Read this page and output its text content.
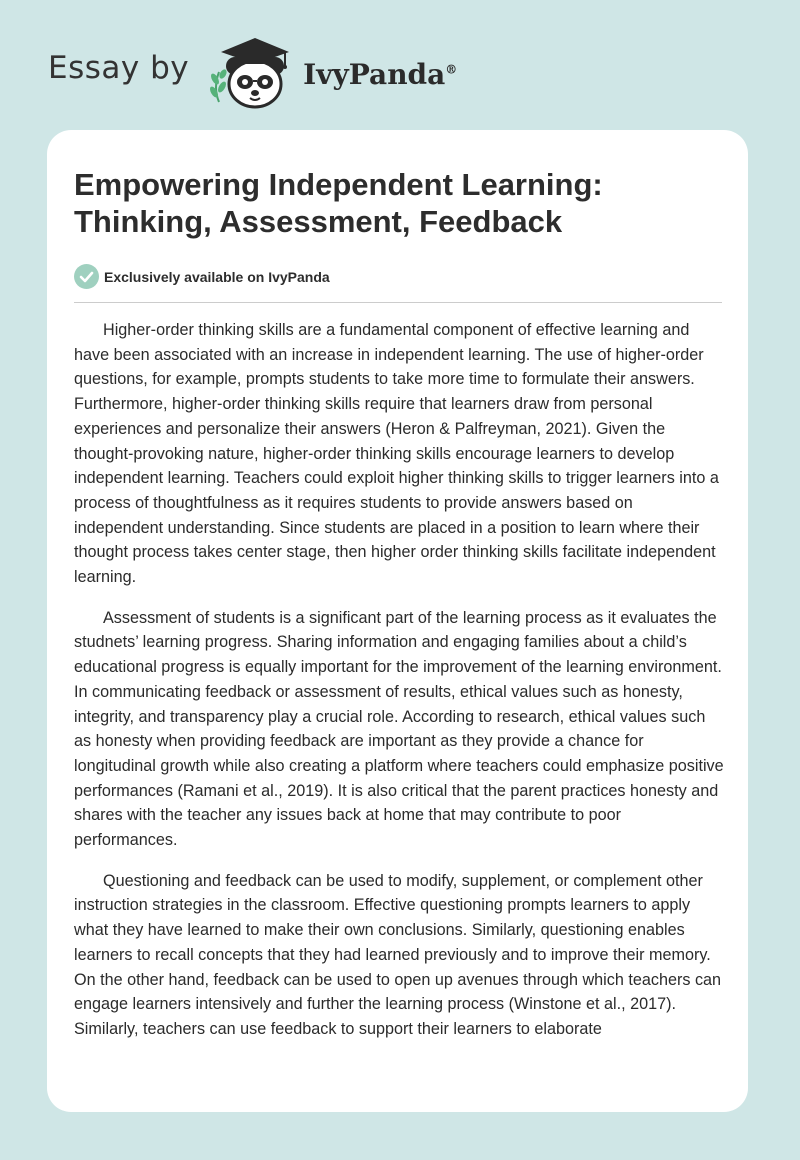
Essay by	IvyPanda®
Empowering Independent Learning: Thinking, Assessment, Feedback
Exclusively available on IvyPanda

Higher-order thinking skills are a fundamental component of effective learning and have been associated with an increase in independent learning. The use of higher-order questions, for example, prompts students to take more time to formulate their answers. Furthermore, higher-order thinking skills require that learners draw from personal experiences and personalize their answers (Heron & Palfreyman, 2021). Given the thought-provoking nature, higher-order thinking skills encourage learners to develop independent learning. Teachers could exploit higher thinking skills to trigger learners into a process of thoughtfulness as it requires students to provide answers based on independent understanding. Since students are placed in a position to learn where their thought process takes center stage, then higher order thinking skills facilitate independent learning.

Assessment of students is a significant part of the learning process as it evaluates the studnets’ learning progress. Sharing information and engaging families about a child’s educational progress is equally important for the improvement of the learning environment. In communicating feedback or assessment of results, ethical values such as honesty, integrity, and transparency play a crucial role. According to research, ethical values such as honesty when providing feedback are important as they provide a chance for longitudinal growth while also creating a platform where teachers could emphasize positive performances (Ramani et al., 2019). It is also critical that the parent practices honesty and shares with the teacher any issues back at home that may contribute to poor performances.

Questioning and feedback can be used to modify, supplement, or complement other instruction strategies in the classroom. Effective questioning prompts learners to apply what they have learned to make their own conclusions. Similarly, questioning enables learners to recall concepts that they had learned previously and to improve their memory. On the other hand, feedback can be used to open up avenues through which teachers can engage learners intensively and further the learning process (Winstone et al., 2017). Similarly, teachers can use feedback to support their learners to elaborate
